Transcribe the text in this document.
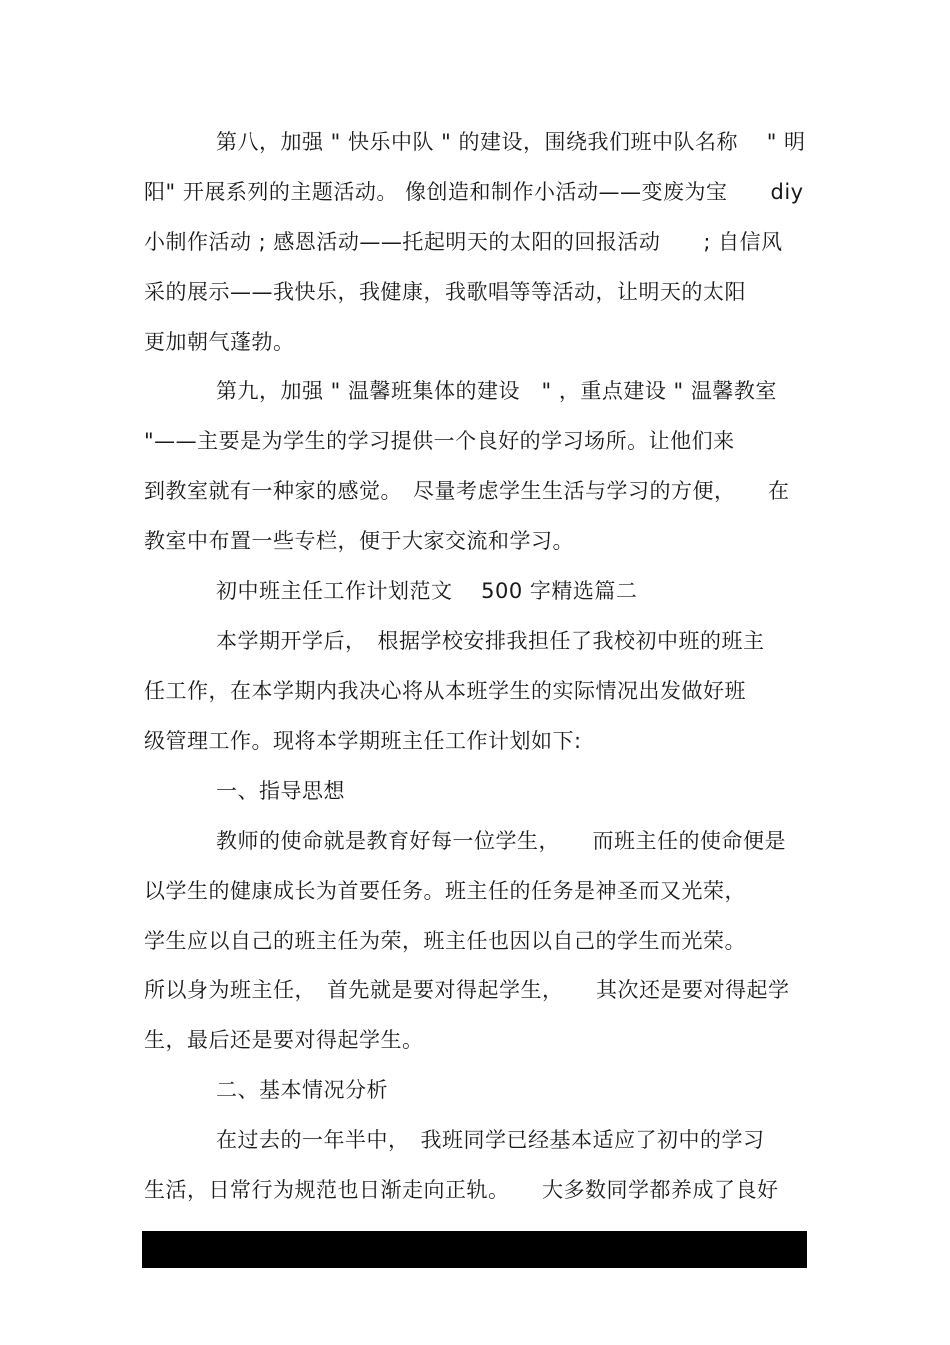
第八，加强 " 快乐中队 " 的建设，围绕我们班中队名称　 " 明
阳" 开展系列的主题活动。 像创造和制作小活动——变废为宝　　diy
小制作活动 ; 感恩活动——托起明天的太阳的回报活动　　; 自信风
采的展示——我快乐，我健康，我歌唱等等活动，让明天的太阳
更加朝气蓬勃。
第九，加强 " 温馨班集体的建设　" ，重点建设 " 温馨教室
"——主要是为学生的学习提供一个良好的学习场所。让他们来
到教室就有一种家的感觉。　尽量考虑学生生活与学习的方便，　　在
教室中布置一些专栏，便于大家交流和学习。
初中班主任工作计划范文　 500 字精选篇二
本学期开学后，　根据学校安排我担任了我校初中班的班主
任工作，在本学期内我决心将从本班学生的实际情况出发做好班
级管理工作。现将本学期班主任工作计划如下:
一、指导思想
教师的使命就是教育好每一位学生，　　而班主任的使命便是
以学生的健康成长为首要任务。班主任的任务是神圣而又光荣，
学生应以自己的班主任为荣，班主任也因以自己的学生而光荣。
所以身为班主任，　首先就是要对得起学生，　　其次还是要对得起学
生，最后还是要对得起学生。
二、基本情况分析
在过去的一年半中，　我班同学已经基本适应了初中的学习
生活，日常行为规范也日渐走向正轨。　　大多数同学都养成了良好
